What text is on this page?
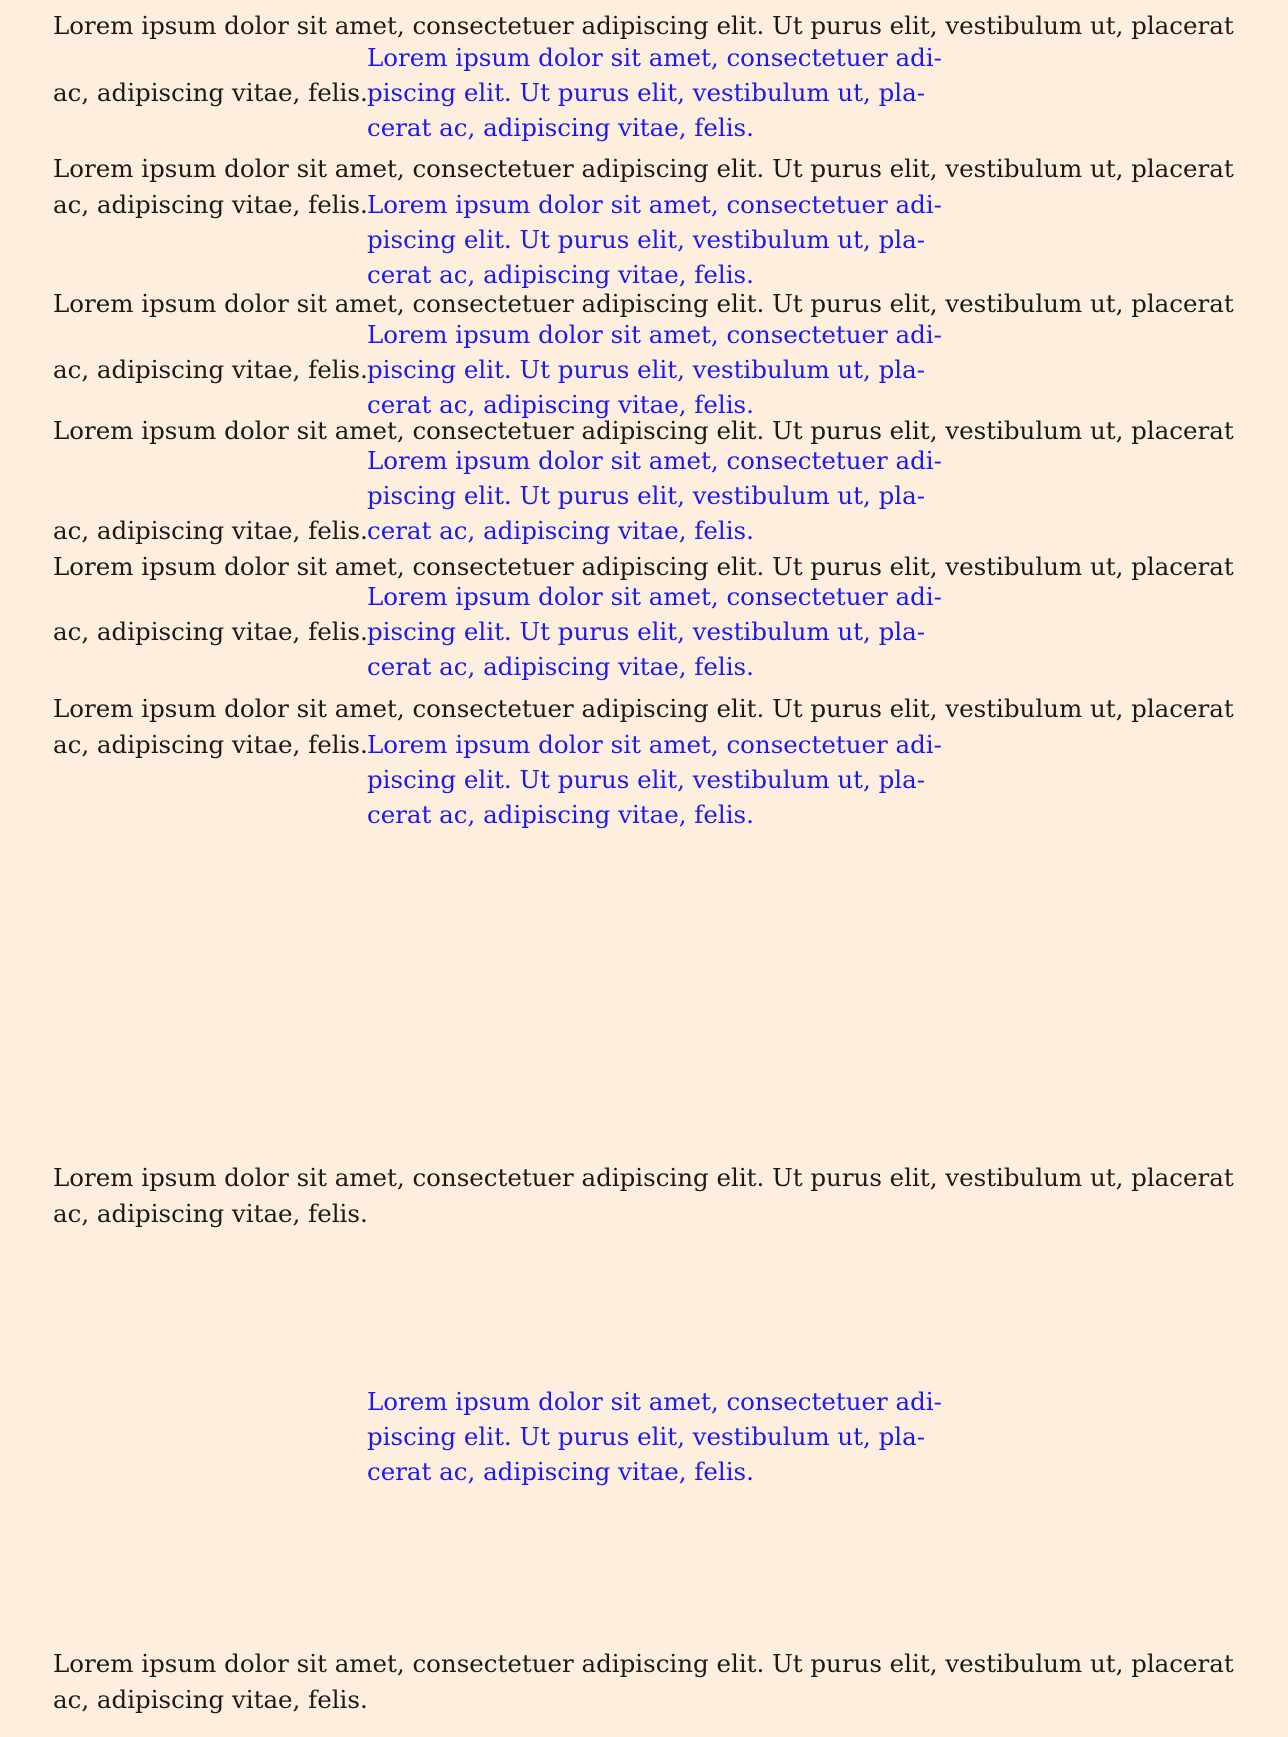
Lorem ipsum dolor sit amet, consectetuer adipiscing elit. Ut purus elit, vestibulum ut, placerat
Lorem ipsum dolor sit amet, consectetuer adi-
ac, adipiscing vitae, felis. piscing elit. Ut purus elit, vestibulum ut, pla-
cerat ac, adipiscing vitae, felis.
Lorem ipsum dolor sit amet, consectetuer adipiscing elit. Ut purus elit, vestibulum ut, placerat
ac, adipiscing vitae, felis. Lorem ipsum dolor sit amet, consectetuer adi-
piscing elit. Ut purus elit, vestibulum ut, pla-
cerat ac, adipiscing vitae, felis.
Lorem ipsum dolor sit amet, consectetuer adipiscing elit. Ut purus elit, vestibulum ut, placerat
Lorem ipsum dolor sit amet, consectetuer adi-
ac, adipiscing vitae, felis. piscing elit. Ut purus elit, vestibulum ut, pla-
cerat ac, adipiscing vitae, felis.
Lorem ipsum dolor sit amet, consectetuer adipiscing elit. Ut purus elit, vestibulum ut, placerat
Lorem ipsum dolor sit amet, consectetuer adi-
piscing elit. Ut purus elit, vestibulum ut, pla-
ac, adipiscing vitae, felis. cerat ac, adipiscing vitae, felis.
Lorem ipsum dolor sit amet, consectetuer adipiscing elit. Ut purus elit, vestibulum ut, placerat
Lorem ipsum dolor sit amet, consectetuer adi-
ac, adipiscing vitae, felis. piscing elit. Ut purus elit, vestibulum ut, pla-
cerat ac, adipiscing vitae, felis.
Lorem ipsum dolor sit amet, consectetuer adipiscing elit. Ut purus elit, vestibulum ut, placerat
ac, adipiscing vitae, felis. Lorem ipsum dolor sit amet, consectetuer adi-
piscing elit. Ut purus elit, vestibulum ut, pla-
cerat ac, adipiscing vitae, felis.
Lorem ipsum dolor sit amet, consectetuer adipiscing elit. Ut purus elit, vestibulum ut, placerat
ac, adipiscing vitae, felis.
Lorem ipsum dolor sit amet, consectetuer adi-
piscing elit. Ut purus elit, vestibulum ut, pla-
cerat ac, adipiscing vitae, felis.
Lorem ipsum dolor sit amet, consectetuer adipiscing elit. Ut purus elit, vestibulum ut, placerat
ac, adipiscing vitae, felis.
